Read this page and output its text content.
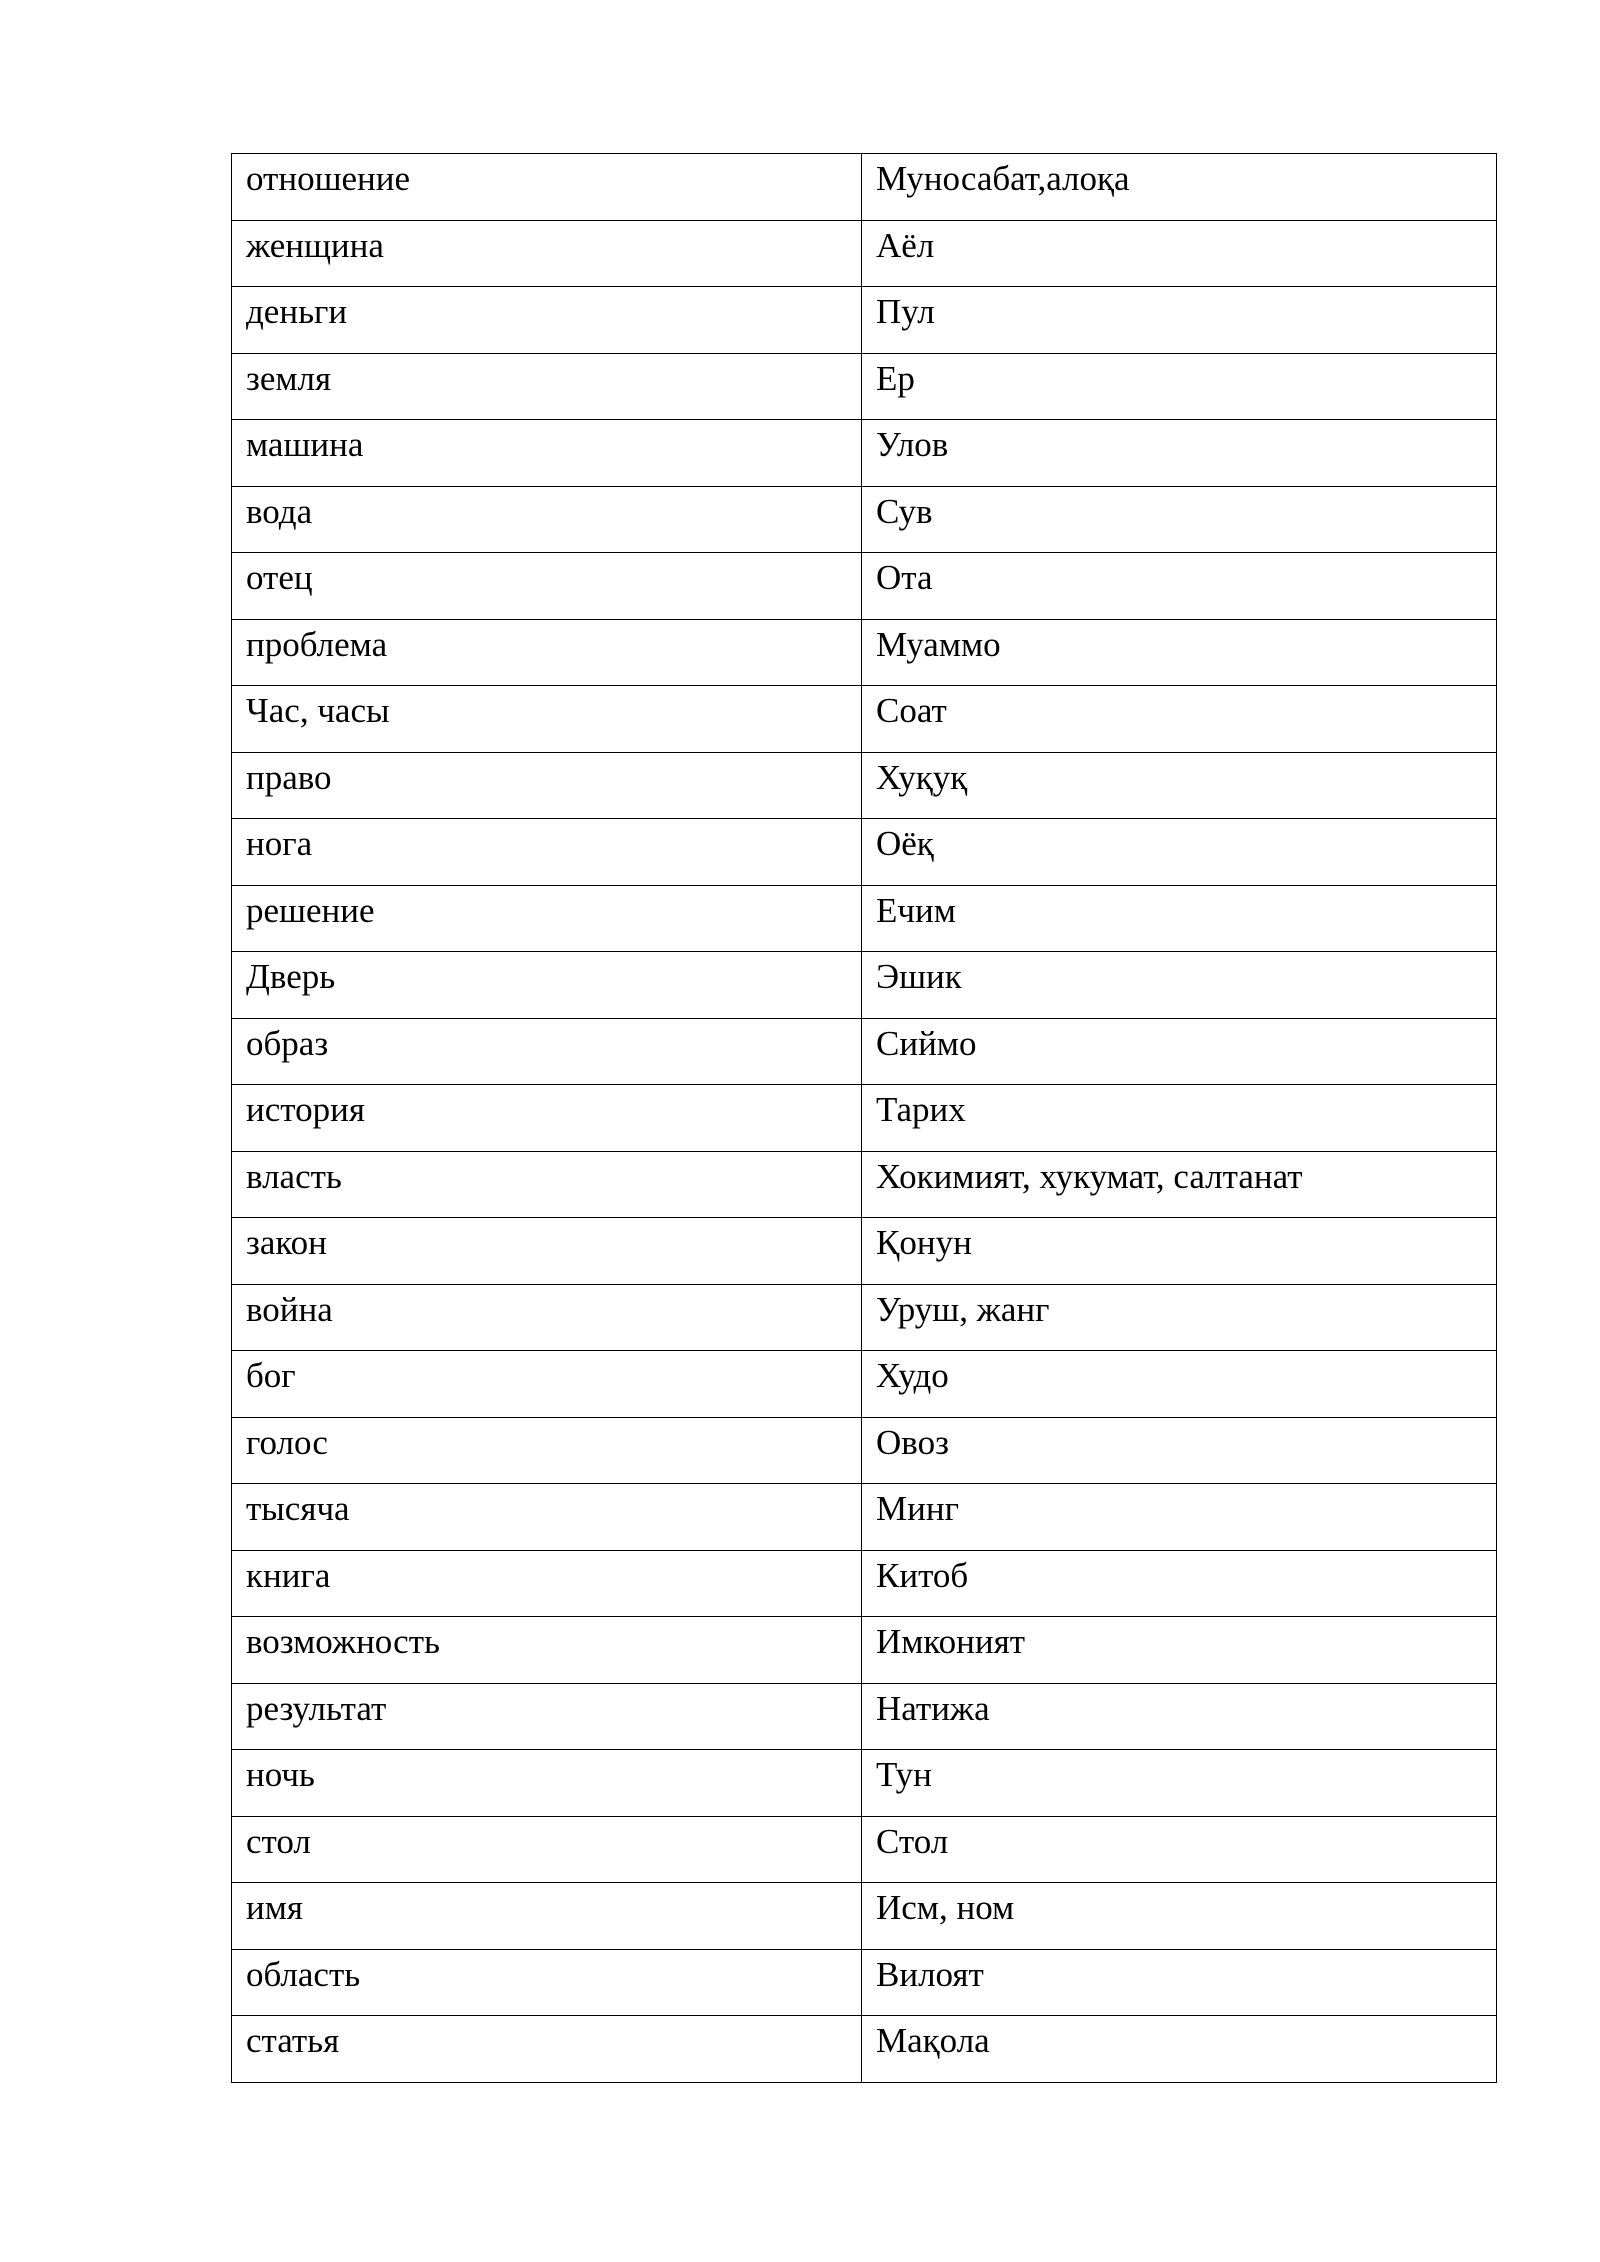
отношение	Муносабат,алоқа

женщина	Аёл

деньги	Пул

земля	Ер

машина	Улов

вода	Сув

отец	Ота

проблема	Муаммо

Час, часы	Соат

право	Хуқуқ

нога	Оёқ

решение	Ечим

Дверь	Эшик

образ	Сиймо

история	Тарих

власть	Хокимият, хукумат, салтанат

закон	Қонун

война	Уруш, жанг

бог	Худо

голос	Овоз

тысяча	Минг

книга	Китоб

возможность	Имконият

результат	Натижа

ночь	Тун

стол	Стол

имя	Исм, ном

область	Вилоят

статья	Мақола
